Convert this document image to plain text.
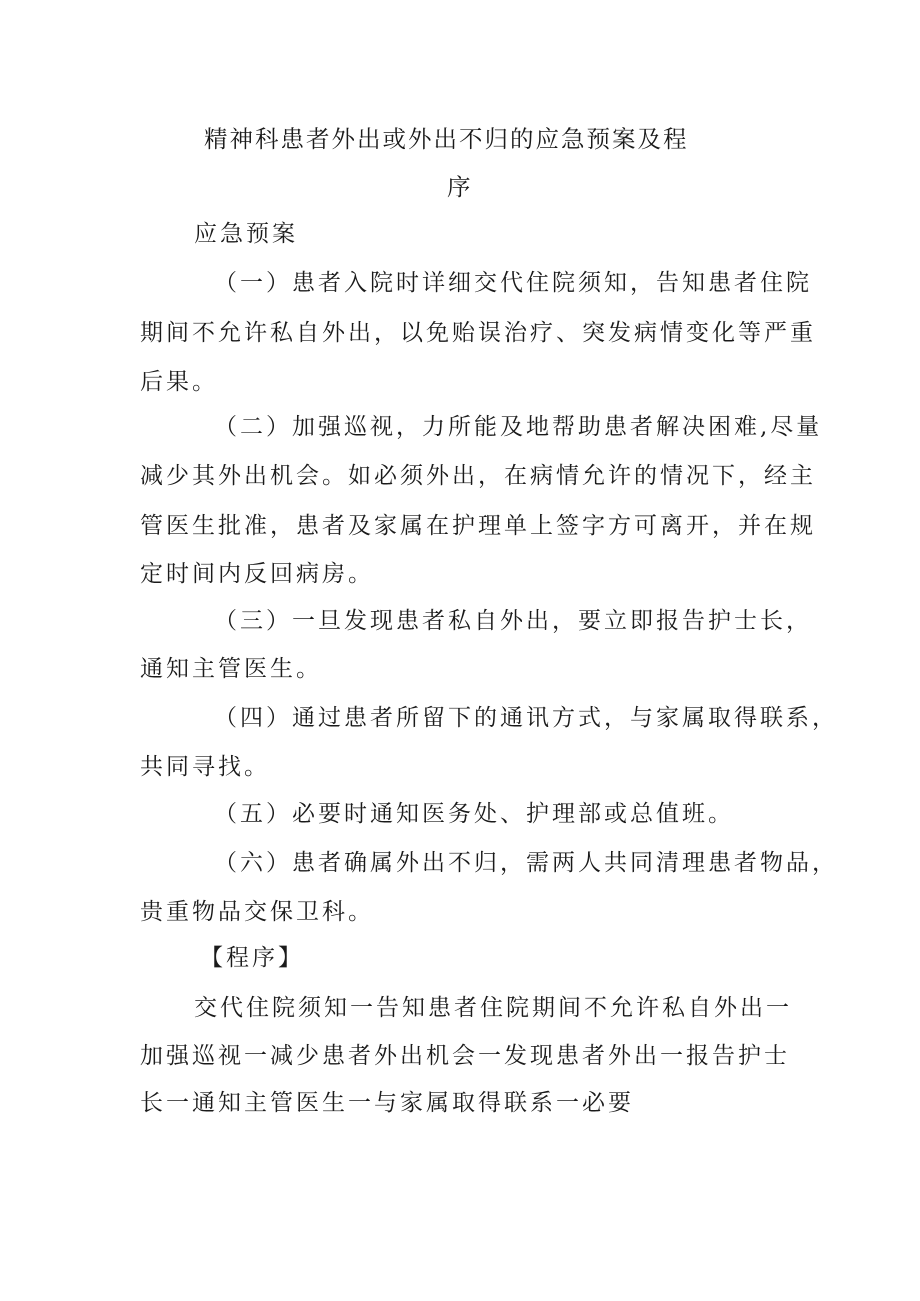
精神科患者外出或外出不归的应急预案及程
序
应急预案
（一）患者入院时详细交代住院须知，告知患者住院
期间不允许私自外出，以免贻误治疗、突发病情变化等严重
后果。
（二）加强巡视，力所能及地帮助患者解决困难,尽量
减少其外出机会。如必须外出，在病情允许的情况下，经主
管医生批准，患者及家属在护理单上签字方可离开，并在规
定时间内反回病房。
（三）一旦发现患者私自外出，要立即报告护士长，
通知主管医生。
（四）通过患者所留下的通讯方式，与家属取得联系，
共同寻找。
（五）必要时通知医务处、护理部或总值班。
（六）患者确属外出不归，需两人共同清理患者物品，
贵重物品交保卫科。
【程序】
交代住院须知一告知患者住院期间不允许私自外出一
加强巡视一减少患者外出机会一发现患者外出一报告护士
长一通知主管医生一与家属取得联系一必要
